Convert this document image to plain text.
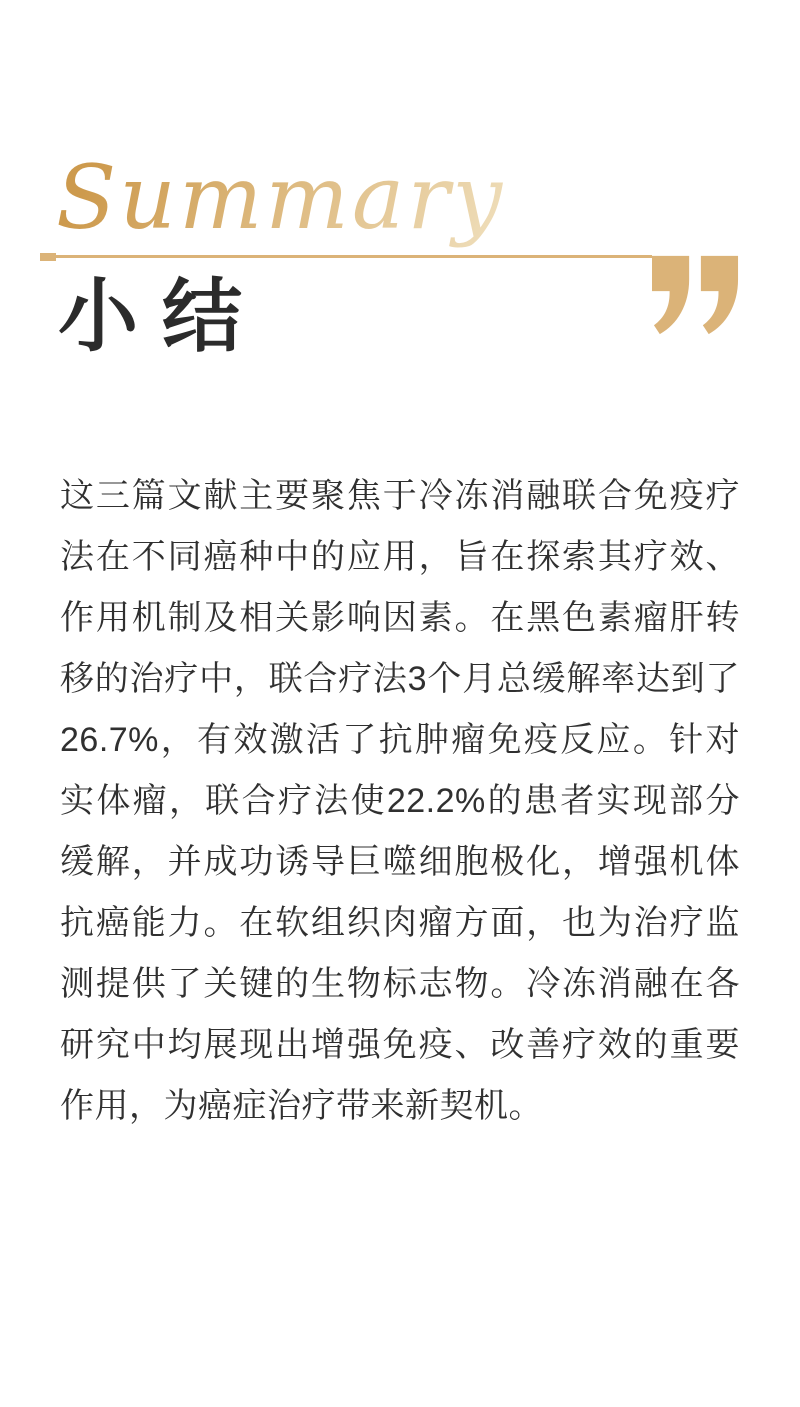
Summary
小 结

这三篇文献主要聚焦于冷冻消融联合免疫疗法在不同癌种中的应用，旨在探索其疗效、作用机制及相关影响因素。在黑色素瘤肝转移的治疗中，联合疗法3个月总缓解率达到了26.7%，有效激活了抗肿瘤免疫反应。针对实体瘤，联合疗法使22.2%的患者实现部分缓解，并成功诱导巨噬细胞极化，增强机体抗癌能力。在软组织肉瘤方面，也为治疗监测提供了关键的生物标志物。冷冻消融在各研究中均展现出增强免疫、改善疗效的重要作用，为癌症治疗带来新契机。
